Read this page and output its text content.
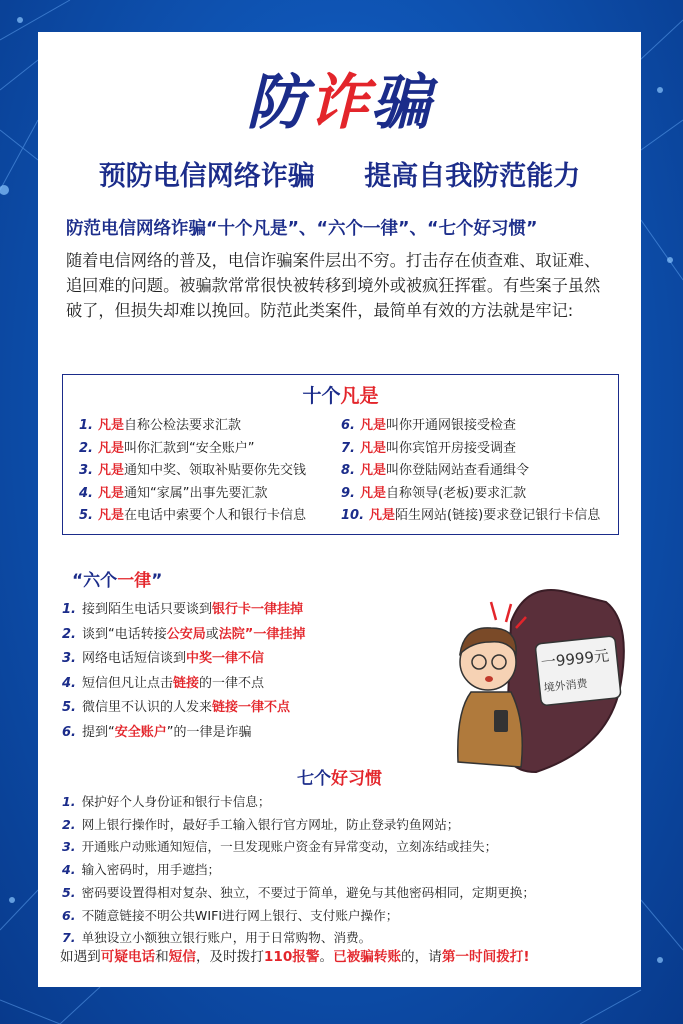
防诈骗
预防电信网络诈骗 提高自我防范能力
防范电信网络诈骗“十个凡是”、“六个一律”、“七个好习惯”
随着电信网络的普及，电信诈骗案件层出不穷。打击存在侦查难、取证难、追回难的问题。被骗款常常很快被转移到境外或被疯狂挥霍。有些案子虽然破了，但损失却难以挽回。防范此类案件，最简单有效的方法就是牢记:
十个凡是
1. 凡是自称公检法要求汇款
2. 凡是叫你汇款到“安全账户”
3. 凡是通知中奖、领取补贴要你先交钱
4. 凡是通知“家属”出事先要汇款
5. 凡是在电话中索要个人和银行卡信息
6. 凡是叫你开通网银接受检查
7. 凡是叫你宾馆开房接受调查
8. 凡是叫你登陆网站查看通缉令
9. 凡是自称领导(老板)要求汇款
10. 凡是陌生网站(链接)要求登记银行卡信息
“六个一律”
1. 接到陌生电话只要谈到银行卡一律挂掉
2. 谈到“电话转接公安局或法院”一律挂掉
3. 网络电话短信谈到中奖一律不信
4. 短信但凡让点击链接的一律不点
5. 微信里不认识的人发来链接一律不点
6. 提到“安全账户”的一律是诈骗
一9999元
境外消费
七个好习惯
1. 保护好个人身份证和银行卡信息；
2. 网上银行操作时，最好手工输入银行官方网址，防止登录钓鱼网站；
3. 开通账户动账通知短信，一旦发现账户资金有异常变动，立刻冻结或挂失；
4. 输入密码时，用手遮挡；
5. 密码要设置得相对复杂、独立，不要过于简单，避免与其他密码相同，定期更换；
6. 不随意链接不明公共WIFI进行网上银行、支付账户操作；
7. 单独设立小额独立银行账户，用于日常购物、消费。
如遇到可疑电话和短信，及时拨打110报警。已被骗转账的，请第一时间拨打!
